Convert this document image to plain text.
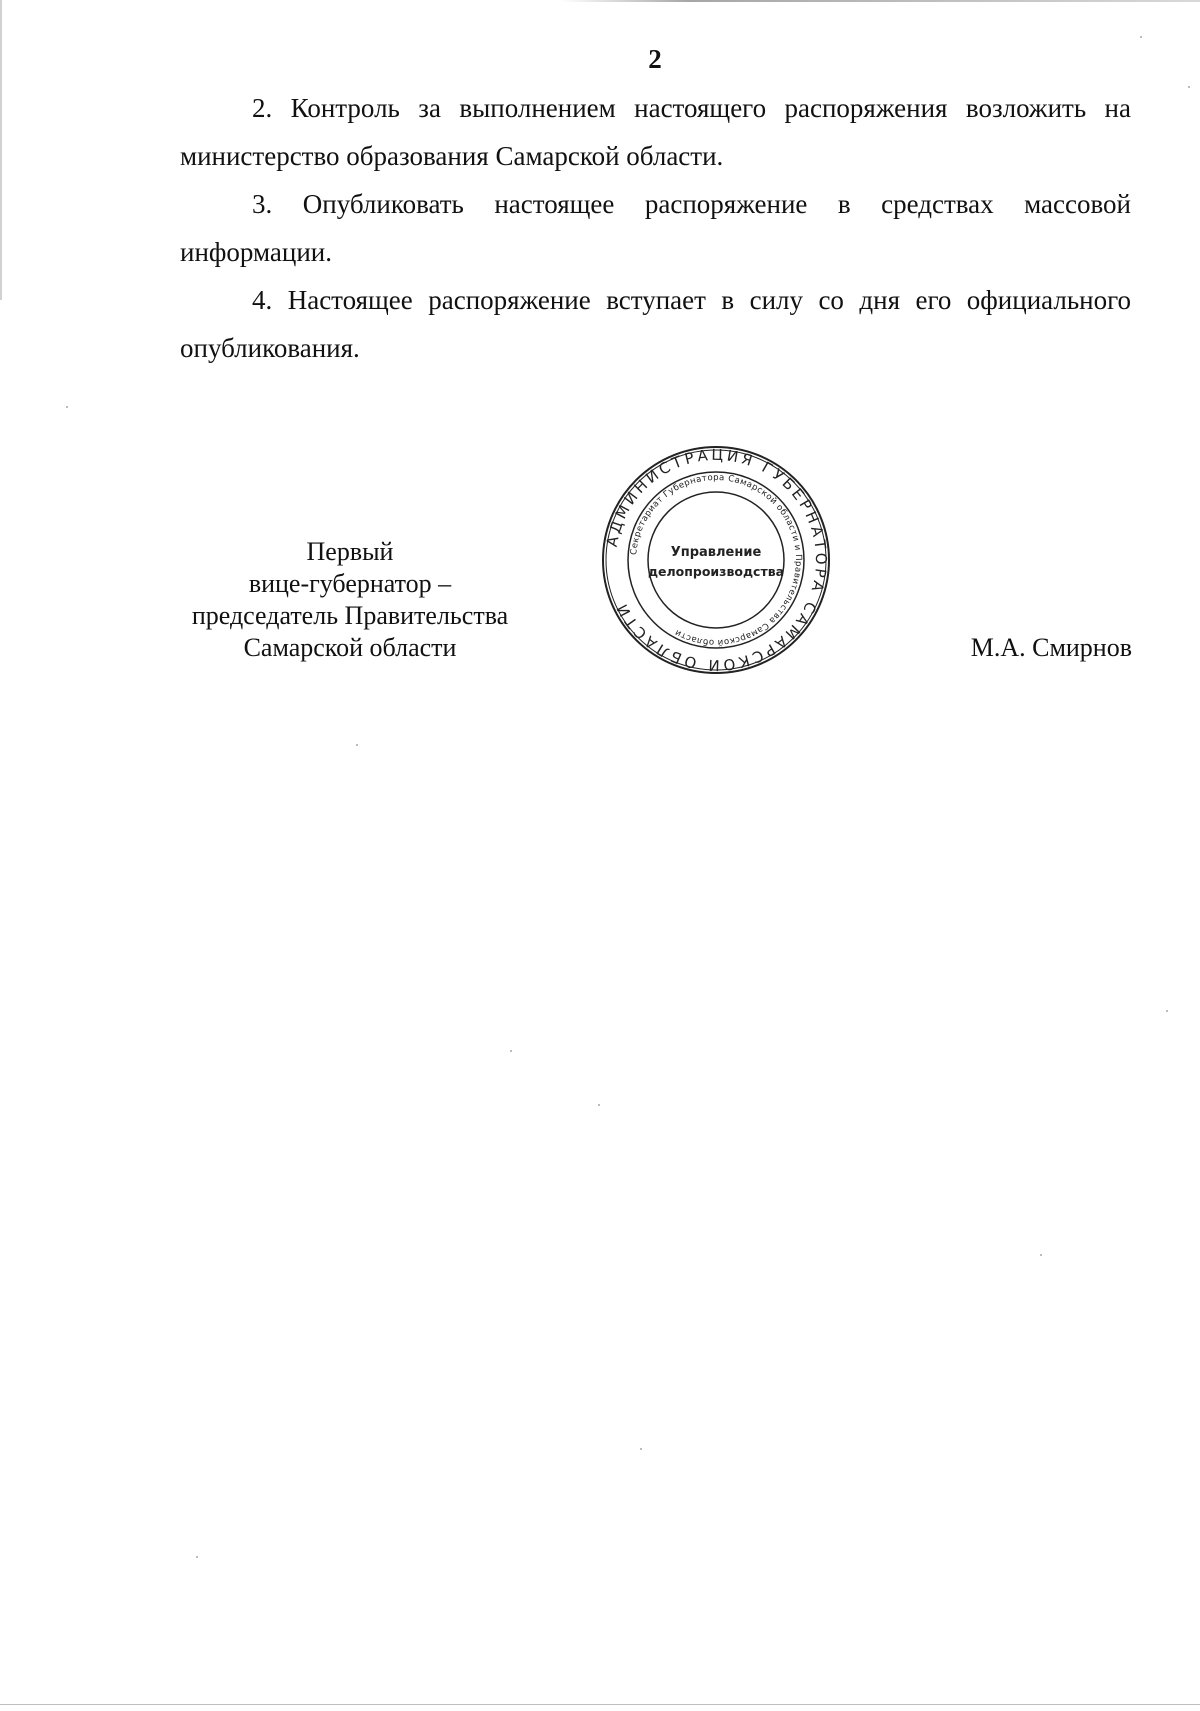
2

2. Контроль за выполнением настоящего распоряжения возложить на министерство образования Самарской области.

3. Опубликовать настоящее распоряжение в средствах массовой информации.

4. Настоящее распоряжение вступает в силу со дня его официального опубликования.

Первый
вице-губернатор –
председатель Правительства
Самарской области
АДМИНИСТРАЦИЯ ГУБЕРНАТОРА САМАРСКОЙ ОБЛАСТИ
Секретариат Губернатора Самарской области и Правительства Самарской области
Управление
делопроизводства
М.А. Смирнов
